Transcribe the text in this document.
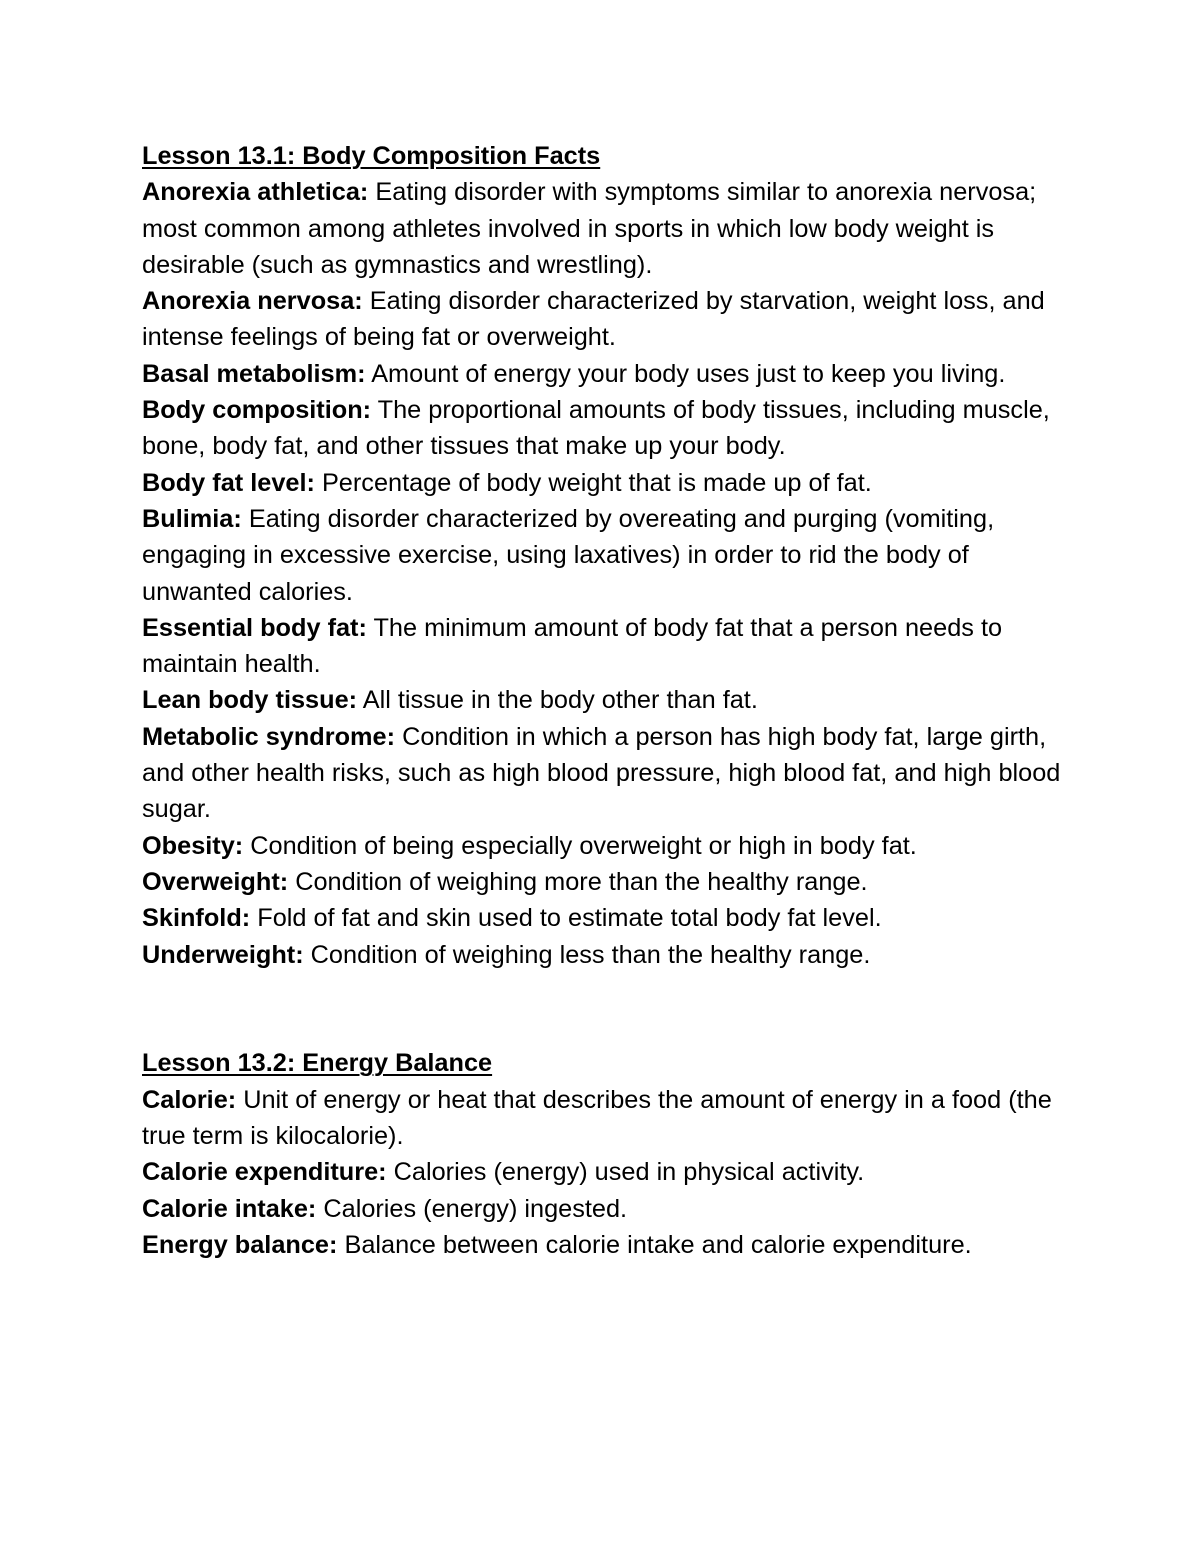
Lesson 13.1: Body Composition Facts

Anorexia athletica: Eating disorder with symptoms similar to anorexia nervosa; most common among athletes involved in sports in which low body weight is desirable (such as gymnastics and wrestling).

Anorexia nervosa: Eating disorder characterized by starvation, weight loss, and intense feelings of being fat or overweight.

Basal metabolism: Amount of energy your body uses just to keep you living.

Body composition: The proportional amounts of body tissues, including muscle, bone, body fat, and other tissues that make up your body.

Body fat level: Percentage of body weight that is made up of fat.

Bulimia: Eating disorder characterized by overeating and purging (vomiting, engaging in excessive exercise, using laxatives) in order to rid the body of unwanted calories.

Essential body fat: The minimum amount of body fat that a person needs to maintain health.

Lean body tissue: All tissue in the body other than fat.

Metabolic syndrome: Condition in which a person has high body fat, large girth, and other health risks, such as high blood pressure, high blood fat, and high blood sugar.

Obesity: Condition of being especially overweight or high in body fat.

Overweight: Condition of weighing more than the healthy range.

Skinfold: Fold of fat and skin used to estimate total body fat level.

Underweight: Condition of weighing less than the healthy range.

Lesson 13.2: Energy Balance

Calorie: Unit of energy or heat that describes the amount of energy in a food (the true term is kilocalorie).

Calorie expenditure: Calories (energy) used in physical activity.

Calorie intake: Calories (energy) ingested.

Energy balance: Balance between calorie intake and calorie expenditure.
